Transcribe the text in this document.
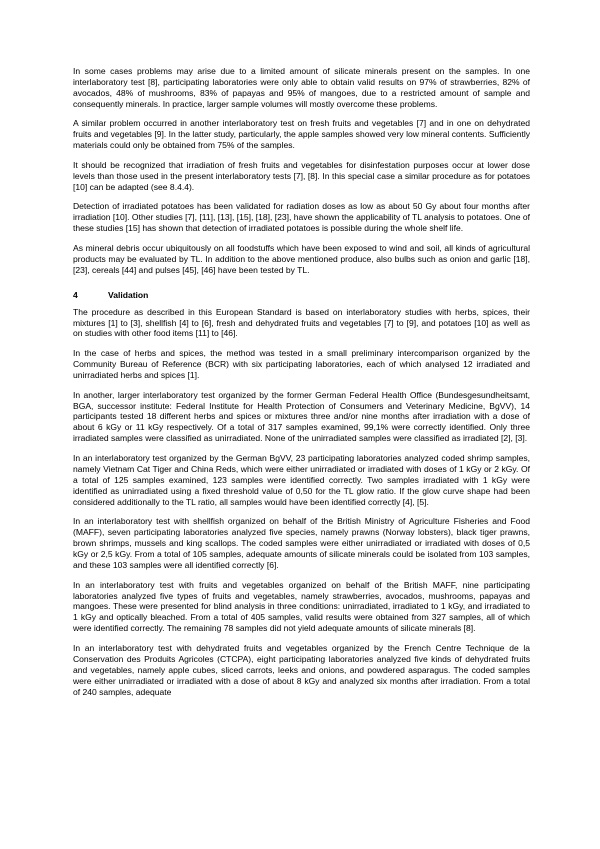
In some cases problems may arise due to a limited amount of silicate minerals present on the samples. In one interlaboratory test [8], participating laboratories were only able to obtain valid results on 97% of strawberries, 82% of avocados, 48% of mushrooms, 83% of papayas and 95% of mangoes, due to a restricted amount of sample and consequently minerals. In practice, larger sample volumes will mostly overcome these problems.

A similar problem occurred in another interlaboratory test on fresh fruits and vegetables [7] and in one on dehydrated fruits and vegetables [9]. In the latter study, particularly, the apple samples showed very low mineral contents. Sufficiently materials could only be obtained from 75% of the samples.

It should be recognized that irradiation of fresh fruits and vegetables for disinfestation purposes occur at lower dose levels than those used in the present interlaboratory tests [7], [8]. In this special case a similar procedure as for potatoes [10] can be adapted (see 8.4.4).

Detection of irradiated potatoes has been validated for radiation doses as low as about 50 Gy about four months after irradiation [10]. Other studies [7], [11], [13], [15], [18], [23], have shown the applicability of TL analysis to potatoes. One of these studies [15] has shown that detection of irradiated potatoes is possible during the whole shelf life.

As mineral debris occur ubiquitously on all foodstuffs which have been exposed to wind and soil, all kinds of agricultural products may be evaluated by TL. In addition to the above mentioned produce, also bulbs such as onion and garlic [18], [23], cereals [44] and pulses [45], [46] have been tested by TL.

4	Validation

The procedure as described in this European Standard is based on interlaboratory studies with herbs, spices, their mixtures [1] to [3], shellfish [4] to [6], fresh and dehydrated fruits and vegetables [7] to [9], and potatoes [10] as well as on studies with other food items [11] to [46].

In the case of herbs and spices, the method was tested in a small preliminary intercomparison organized by the Community Bureau of Reference (BCR) with six participating laboratories, each of which analysed 12 irradiated and unirradiated herbs and spices [1].

In another, larger interlaboratory test organized by the former German Federal Health Office (Bundesgesundheitsamt, BGA, successor institute: Federal Institute for Health Protection of Consumers and Veterinary Medicine, BgVV), 14 participants tested 18 different herbs and spices or mixtures three and/or nine months after irradiation with a dose of about 6 kGy or 11 kGy respectively. Of a total of 317 samples examined, 99,1% were correctly identified. Only three irradiated samples were classified as unirradiated. None of the unirradiated samples were classified as irradiated [2], [3].

In an interlaboratory test organized by the German BgVV, 23 participating laboratories analyzed coded shrimp samples, namely Vietnam Cat Tiger and China Reds, which were either unirradiated or irradiated with doses of 1 kGy or 2 kGy. Of a total of 125 samples examined, 123 samples were identified correctly. Two samples irradiated with 1 kGy were identified as unirradiated using a fixed threshold value of 0,50 for the TL glow ratio. If the glow curve shape had been considered additionally to the TL ratio, all samples would have been identified correctly [4], [5].

In an interlaboratory test with shellfish organized on behalf of the British Ministry of Agriculture Fisheries and Food (MAFF), seven participating laboratories analyzed five species, namely prawns (Norway lobsters), black tiger prawns, brown shrimps, mussels and king scallops. The coded samples were either unirradiated or irradiated with doses of 0,5 kGy or 2,5 kGy. From a total of 105 samples, adequate amounts of silicate minerals could be isolated from 103 samples, and these 103 samples were all identified correctly [6].

In an interlaboratory test with fruits and vegetables organized on behalf of the British MAFF, nine participating laboratories analyzed five types of fruits and vegetables, namely strawberries, avocados, mushrooms, papayas and mangoes. These were presented for blind analysis in three conditions: unirradiated, irradiated to 1 kGy, and irradiated to 1 kGy and optically bleached. From a total of 405 samples, valid results were obtained from 327 samples, all of which were identified correctly. The remaining 78 samples did not yield adequate amounts of silicate minerals [8].

In an interlaboratory test with dehydrated fruits and vegetables organized by the French Centre Technique de la Conservation des Produits Agricoles (CTCPA), eight participating laboratories analyzed five kinds of dehydrated fruits and vegetables, namely apple cubes, sliced carrots, leeks and onions, and powdered asparagus. The coded samples were either unirradiated or irradiated with a dose of about 8 kGy and analyzed six months after irradiation. From a total of 240 samples, adequate
